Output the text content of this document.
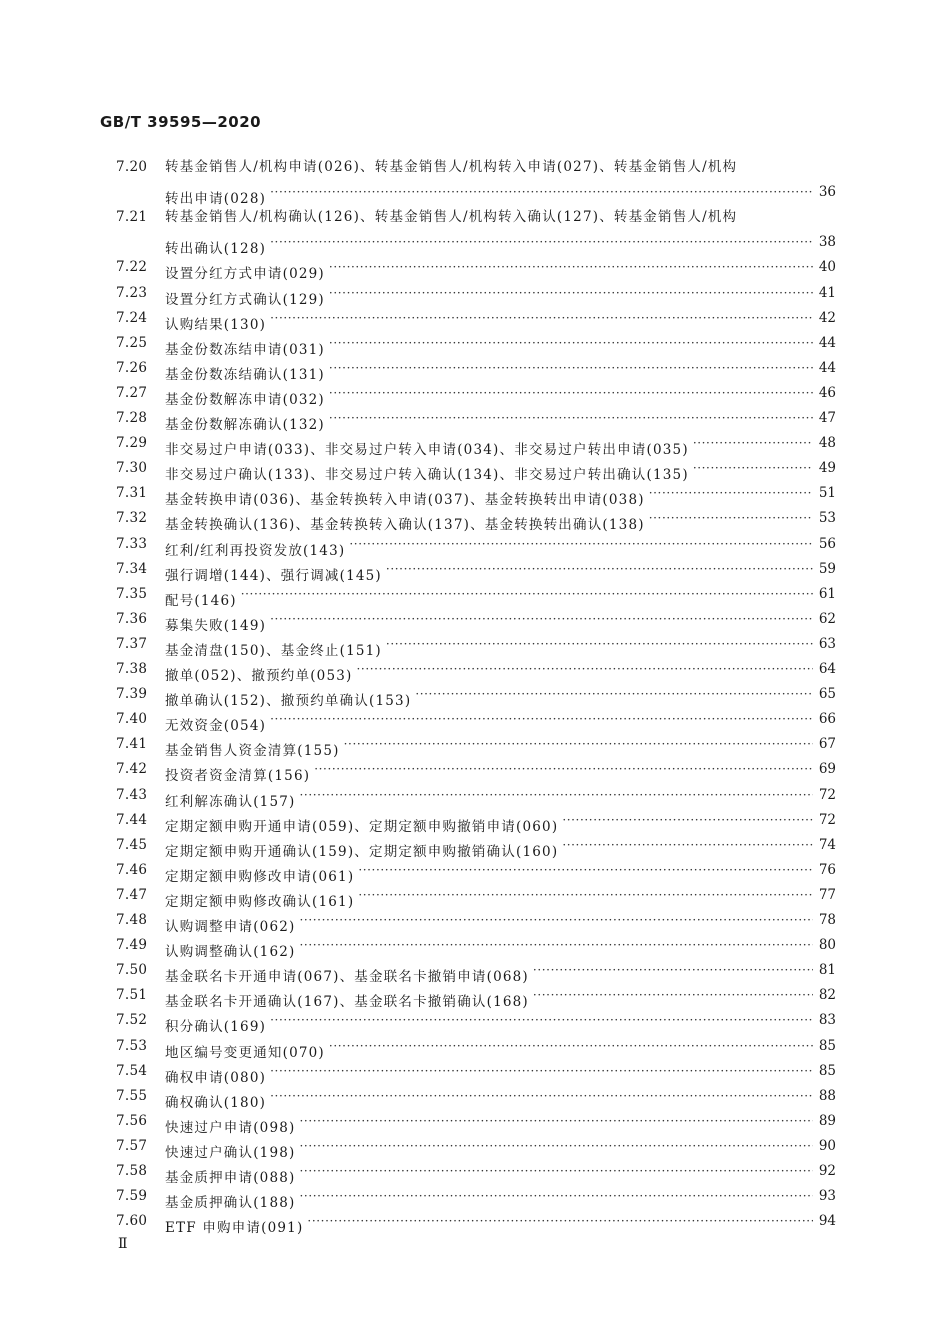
GB/T 39595—2020
7.20 转基金销售人/机构申请(026)、转基金销售人/机构转入申请(027)、转基金销售人/机构
转出申请(028) ·····	36
7.21 转基金销售人/机构确认(126)、转基金销售人/机构转入确认(127)、转基金销售人/机构
转出确认(128) ·····	38
7.22 设置分红方式申请(029) ·····	40
7.23 设置分红方式确认(129) ·····	41
7.24 认购结果(130) ·····	42
7.25 基金份数冻结申请(031) ·····	44
7.26 基金份数冻结确认(131) ·····	44
7.27 基金份数解冻申请(032) ·····	46
7.28 基金份数解冻确认(132) ·····	47
7.29 非交易过户申请(033)、非交易过户转入申请(034)、非交易过户转出申请(035) ·····	48
7.30 非交易过户确认(133)、非交易过户转入确认(134)、非交易过户转出确认(135) ·····	49
7.31 基金转换申请(036)、基金转换转入申请(037)、基金转换转出申请(038) ·····	51
7.32 基金转换确认(136)、基金转换转入确认(137)、基金转换转出确认(138) ·····	53
7.33 红利/红利再投资发放(143) ·····	56
7.34 强行调增(144)、强行调减(145) ·····	59
7.35 配号(146) ·····	61
7.36 募集失败(149) ·····	62
7.37 基金清盘(150)、基金终止(151) ·····	63
7.38 撤单(052)、撤预约单(053) ·····	64
7.39 撤单确认(152)、撤预约单确认(153) ·····	65
7.40 无效资金(054) ·····	66
7.41 基金销售人资金清算(155) ·····	67
7.42 投资者资金清算(156) ·····	69
7.43 红利解冻确认(157) ·····	72
7.44 定期定额申购开通申请(059)、定期定额申购撤销申请(060) ·····	72
7.45 定期定额申购开通确认(159)、定期定额申购撤销确认(160) ·····	74
7.46 定期定额申购修改申请(061) ·····	76
7.47 定期定额申购修改确认(161) ·····	77
7.48 认购调整申请(062) ·····	78
7.49 认购调整确认(162) ·····	80
7.50 基金联名卡开通申请(067)、基金联名卡撤销申请(068) ·····	81
7.51 基金联名卡开通确认(167)、基金联名卡撤销确认(168) ·····	82
7.52 积分确认(169) ·····	83
7.53 地区编号变更通知(070) ·····	85
7.54 确权申请(080) ·····	85
7.55 确权确认(180) ·····	88
7.56 快速过户申请(098) ·····	89
7.57 快速过户确认(198) ·····	90
7.58 基金质押申请(088) ·····	92
7.59 基金质押确认(188) ·····	93
7.60 ETF 申购申请(091) ·····	94
Ⅱ
